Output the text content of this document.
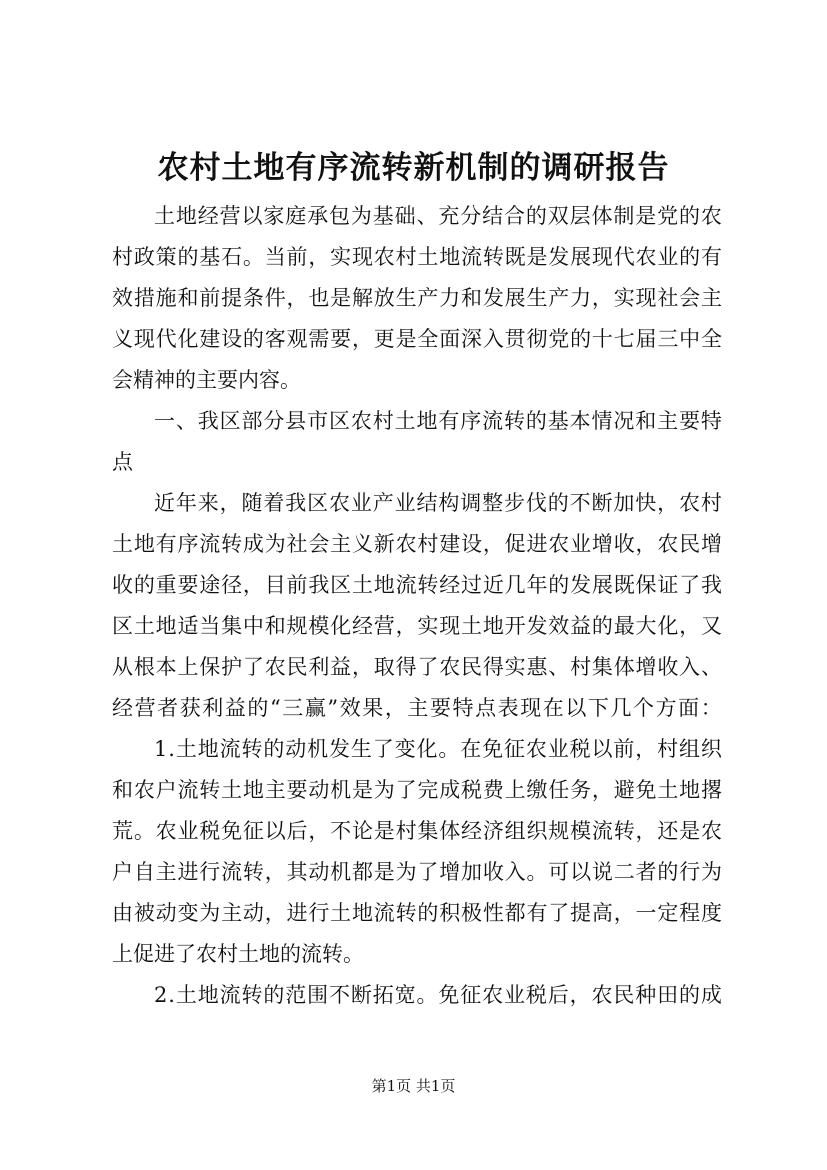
农村土地有序流转新机制的调研报告
土 地 经 营 以 家 庭 承 包 为 基 础 、 充 分 结 合 的 双 层 体 制 是 党 的 农
村 政 策 的 基 石 。 当 前 ， 实 现 农 村 土 地 流 转 既 是 发 展 现 代 农 业 的 有
效 措 施 和 前 提 条 件 ， 也 是 解 放 生 产 力 和 发 展 生 产 力 ， 实 现 社 会 主
义 现 代 化 建 设 的 客 观 需 要 ， 更 是 全 面 深 入 贯 彻 党 的 十 七 届 三 中 全
会精神的主要内容。
一 、 我 区 部 分 县 市 区 农 村 土 地 有 序 流 转 的 基 本 情 况 和 主 要 特
点
近 年 来 ， 随 着 我 区 农 业 产 业 结 构 调 整 步 伐 的 不 断 加 快 ， 农 村
土 地 有 序 流 转 成 为 社 会 主 义 新 农 村 建 设 ， 促 进 农 业 增 收 ， 农 民 增
收 的 重 要 途 径 ， 目 前 我 区 土 地 流 转 经 过 近 几 年 的 发 展 既 保 证 了 我
区 土 地 适 当 集 中 和 规 模 化 经 营 ， 实 现 土 地 开 发 效 益 的 最 大 化 ， 又
从 根 本 上 保 护 了 农 民 利 益 ， 取 得 了 农 民 得 实 惠 、 村 集 体 增 收 入 、
经 营 者 获 利 益 的 “ 三 赢 ” 效 果 ， 主 要 特 点 表 现 在 以 下 几 个 方 面 ：
1 . 土 地 流 转 的 动 机 发 生 了 变 化 。 在 免 征 农 业 税 以 前 ， 村 组 织
和 农 户 流 转 土 地 主 要 动 机 是 为 了 完 成 税 费 上 缴 任 务 ， 避 免 土 地 撂
荒 。 农 业 税 免 征 以 后 ， 不 论 是 村 集 体 经 济 组 织 规 模 流 转 ， 还 是 农
户 自 主 进 行 流 转 ， 其 动 机 都 是 为 了 增 加 收 入 。 可 以 说 二 者 的 行 为
由 被 动 变 为 主 动 ， 进 行 土 地 流 转 的 积 极 性 都 有 了 提 高 ， 一 定 程 度
上促进了农村土地的流转。
2 . 土 地 流 转 的 范 围 不 断 拓 宽 。 免 征 农 业 税 后 ， 农 民 种 田 的 成
第1页 共1页
